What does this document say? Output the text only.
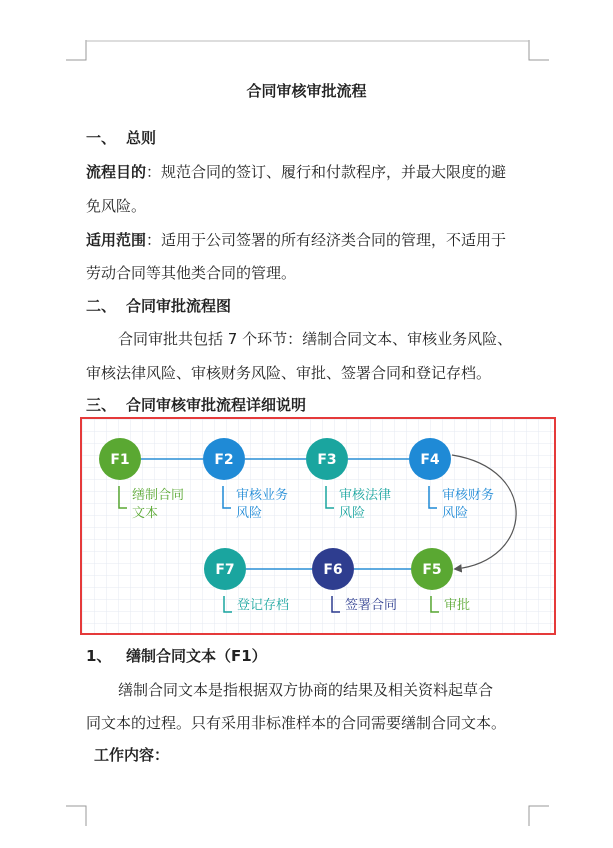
合同审核审批流程
一、 总则
流程目的：规范合同的签订、履行和付款程序，并最大限度的避
免风险。
适用范围：适用于公司签署的所有经济类合同的管理，不适用于
劳动合同等其他类合同的管理。
二、 合同审批流程图
合同审批共包括 7 个环节：缮制合同文本、审核业务风险、
审核法律风险、审核财务风险、审批、签署合同和登记存档。
三、 合同审核审批流程详细说明
缮制合同
文本
F1
审核业务
风险
F2
审核法律
风险
F3
审核财务
风险
F4
审批
F5
签署合同
F6
登记存档
F7
1、 缮制合同文本（F1）
缮制合同文本是指根据双方协商的结果及相关资料起草合
同文本的过程。只有采用非标准样本的合同需要缮制合同文本。
工作内容：
